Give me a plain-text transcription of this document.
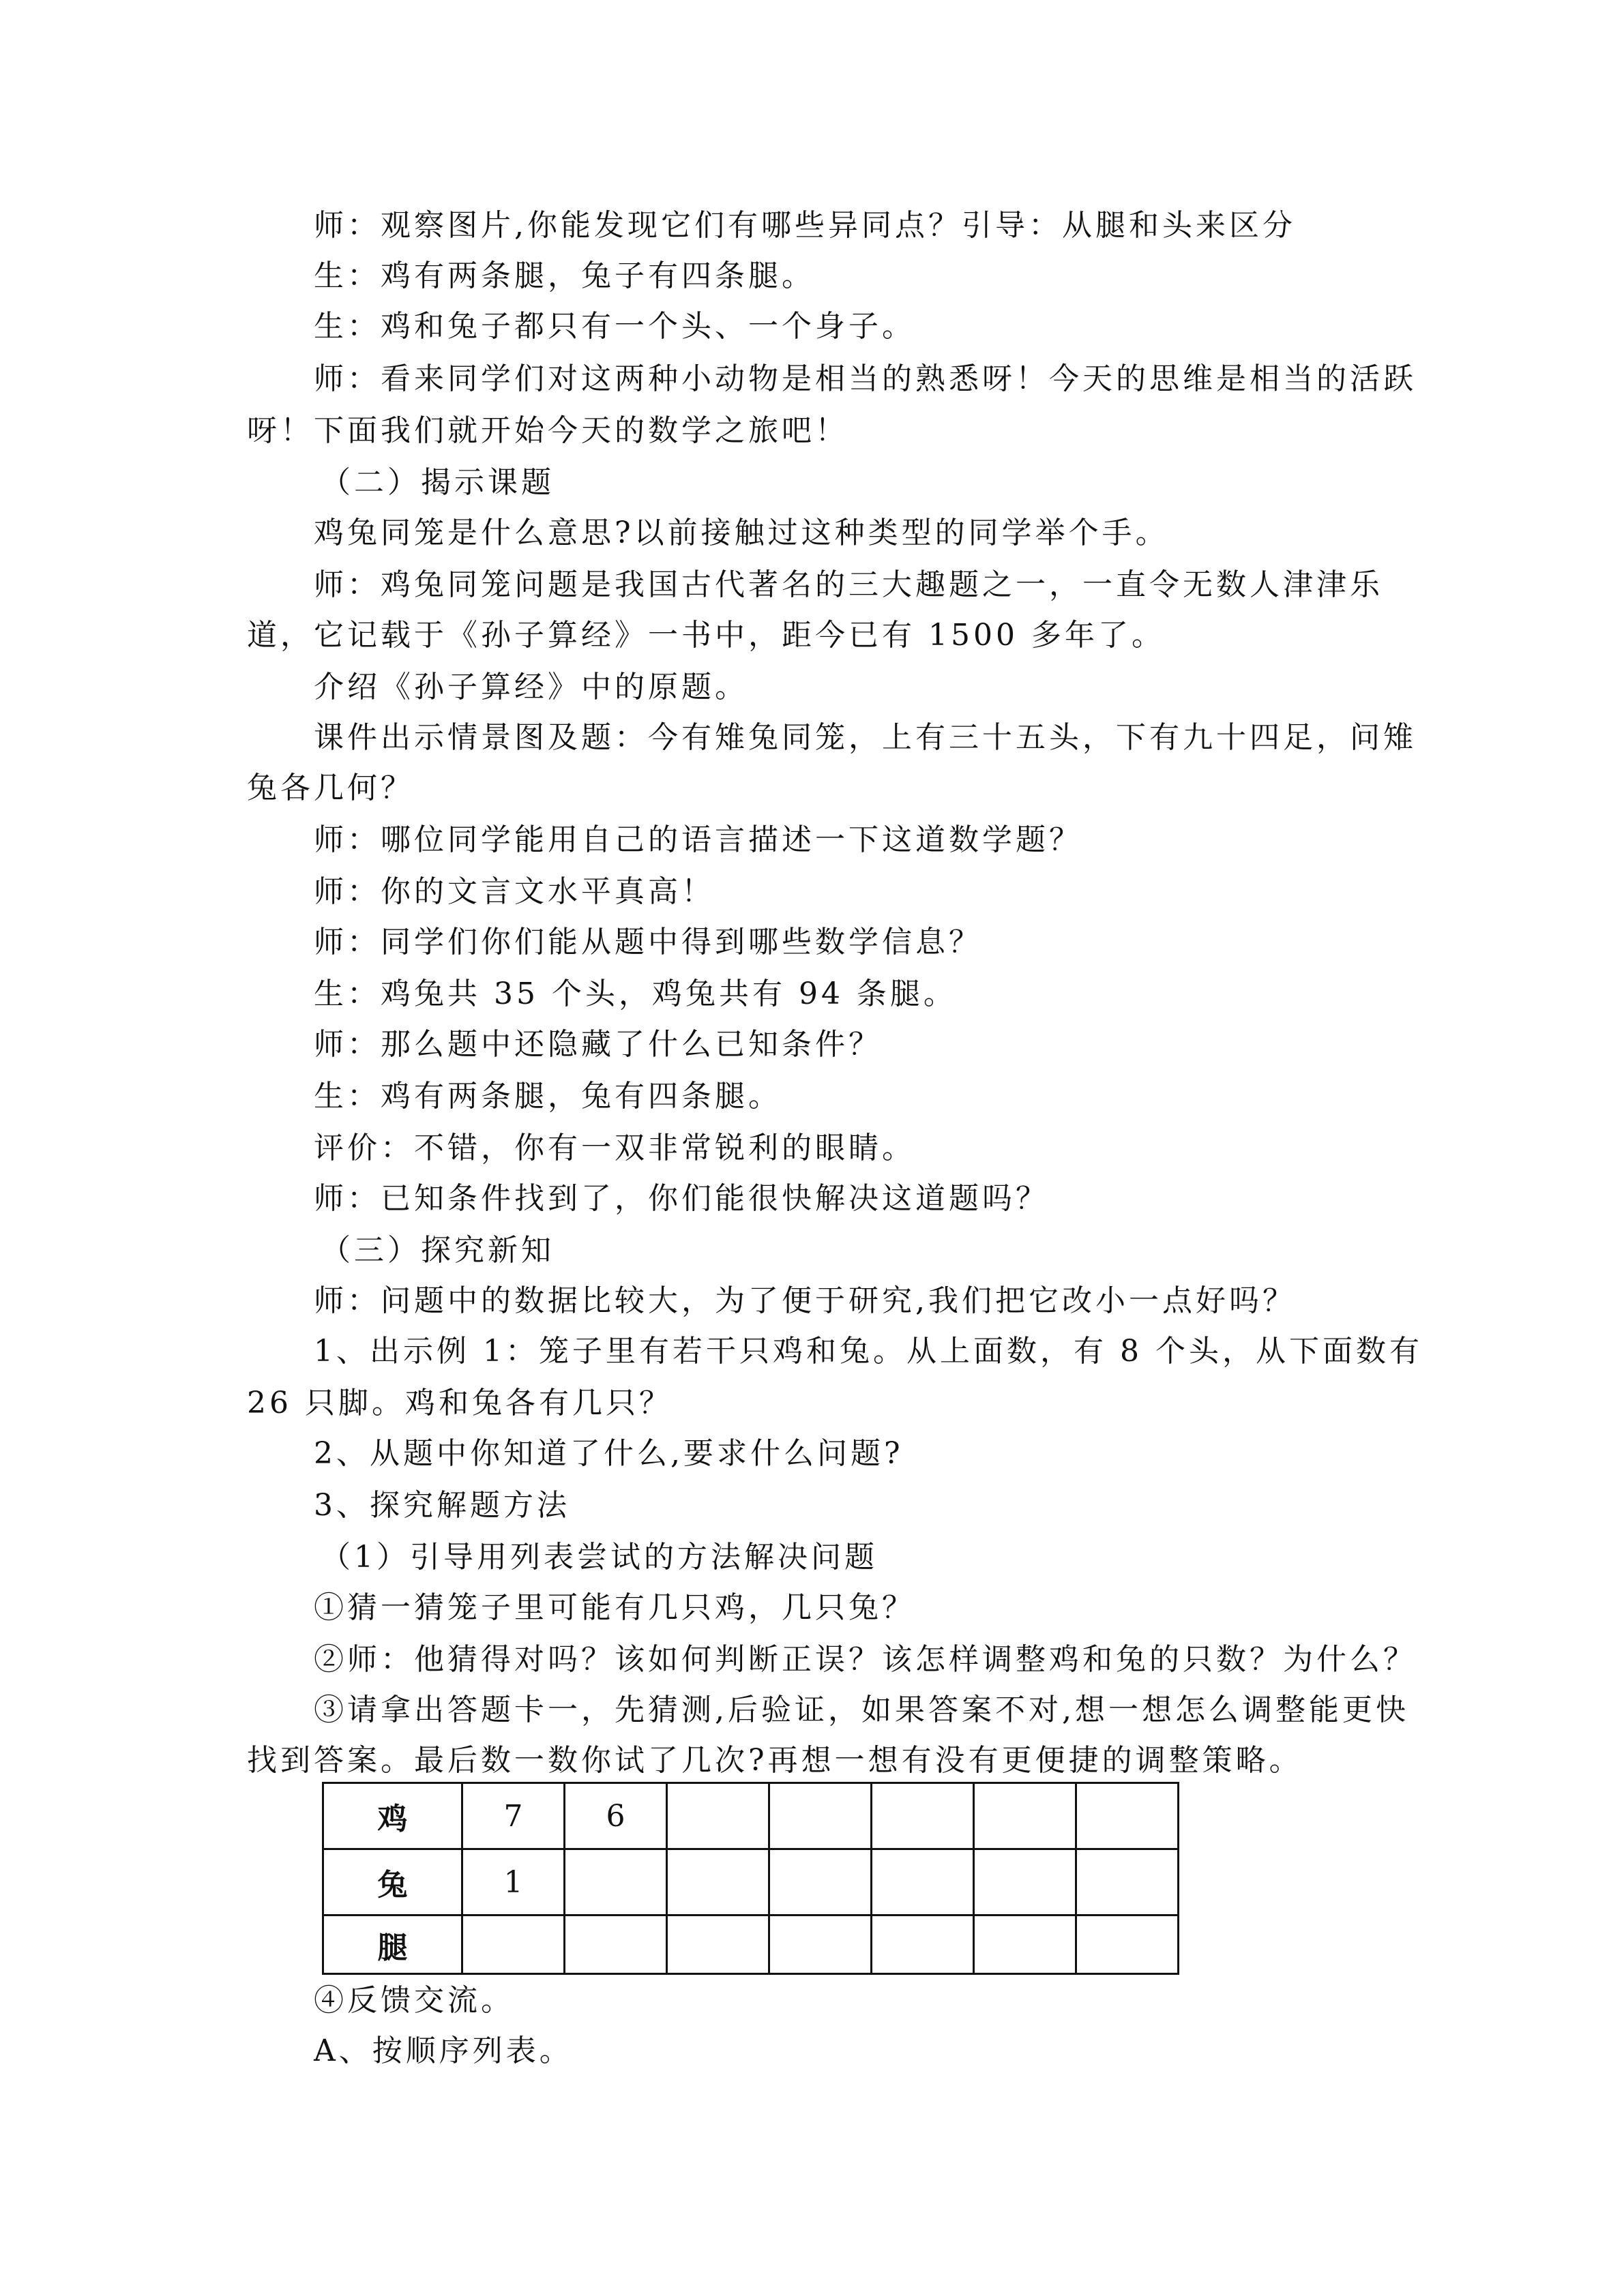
师：观察图片,你能发现它们有哪些异同点？引导：从腿和头来区分

生：鸡有两条腿，兔子有四条腿。

生：鸡和兔子都只有一个头、一个身子。

师：看来同学们对这两种小动物是相当的熟悉呀！今天的思维是相当的活跃

呀！下面我们就开始今天的数学之旅吧！

（二）揭示课题

鸡兔同笼是什么意思?以前接触过这种类型的同学举个手。

师：鸡兔同笼问题是我国古代著名的三大趣题之一，一直令无数人津津乐

道，它记载于《孙子算经》一书中，距今已有 1500 多年了。

介绍《孙子算经》中的原题。

课件出示情景图及题：今有雉兔同笼，上有三十五头，下有九十四足，问雉

兔各几何？

师：哪位同学能用自己的语言描述一下这道数学题？

师：你的文言文水平真高！

师：同学们你们能从题中得到哪些数学信息？

生：鸡兔共 35 个头，鸡兔共有 94 条腿。

师：那么题中还隐藏了什么已知条件？

生：鸡有两条腿，兔有四条腿。

评价：不错，你有一双非常锐利的眼睛。

师：已知条件找到了，你们能很快解决这道题吗？

（三）探究新知

师：问题中的数据比较大，为了便于研究,我们把它改小一点好吗？

1、出示例 1：笼子里有若干只鸡和兔。从上面数，有 8 个头，从下面数有

26 只脚。鸡和兔各有几只？

2、从题中你知道了什么,要求什么问题?

3、探究解题方法

（1）引导用列表尝试的方法解决问题

①猜一猜笼子里可能有几只鸡，几只兔？

②师：他猜得对吗？该如何判断正误？该怎样调整鸡和兔的只数？为什么？

③请拿出答题卡一，先猜测,后验证，如果答案不对,想一想怎么调整能更快

找到答案。最后数一数你试了几次?再想一想有没有更便捷的调整策略。

鸡	7	6					
兔	1						
腿							

④反馈交流。

A、按顺序列表。
